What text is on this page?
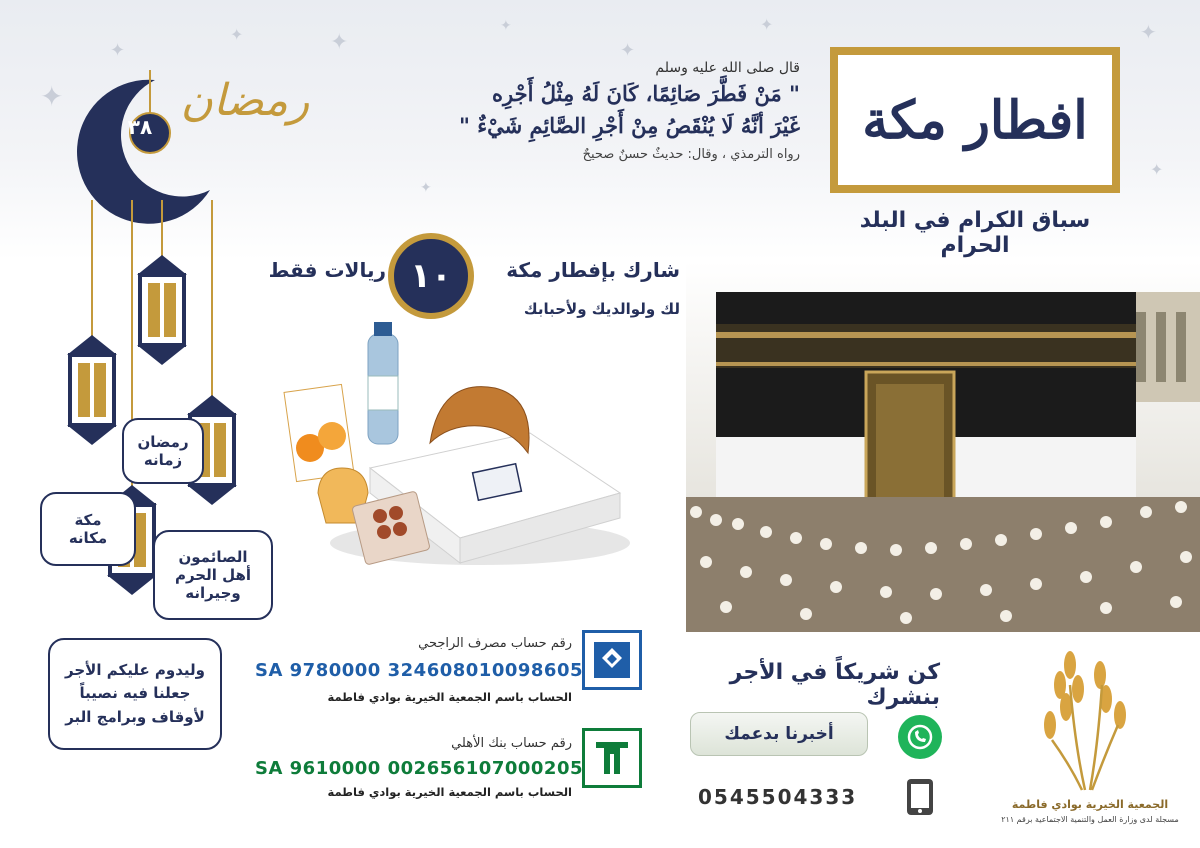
✦
✦
✦	✦
✦
✦
✦	✦
✦
✦
افطار مكة
سباق الكرام في البلد الحرام
قال صلى الله عليه وسلم
" مَنْ فَطَّرَ صَائِمًا، كَانَ لَهُ مِثْلُ أَجْرِه
غَيْرَ أنَّهُ لَا يُنْقَصُ مِنْ أَجْرِ الصَّائِمِ شَيْءٌ "
رواه الترمذي ، وقال: حديثٌ حسنٌ صحيحٌ
٣٨
رمضان
رمضان
زمانه
مكة
مكانه
الصائمون
أهل الحرم
وجيرانه
وليدوم عليكم الأجر
جعلنا فيه نصيباً
لأوقاف وبرامج البر
شارك بإفطار مكة
١٠
ريالات فقط
لك ولوالديك ولأحبابك
رقم حساب مصرف الراجحي
SA 9780000 324608010098605
الحساب باسم الجمعية الخيرية بوادي فاطمة
رقم حساب بنك الأهلي
SA 9610000 002656107000205
الحساب باسم الجمعية الخيرية بوادي فاطمة
كن شريكاً في الأجر بنشرك
أخبرنا بدعمك
0545504333	الجمعية الخيرية بوادي فاطمة
مسجلة لدى وزارة العمل والتنمية الاجتماعية برقم ٢١١
